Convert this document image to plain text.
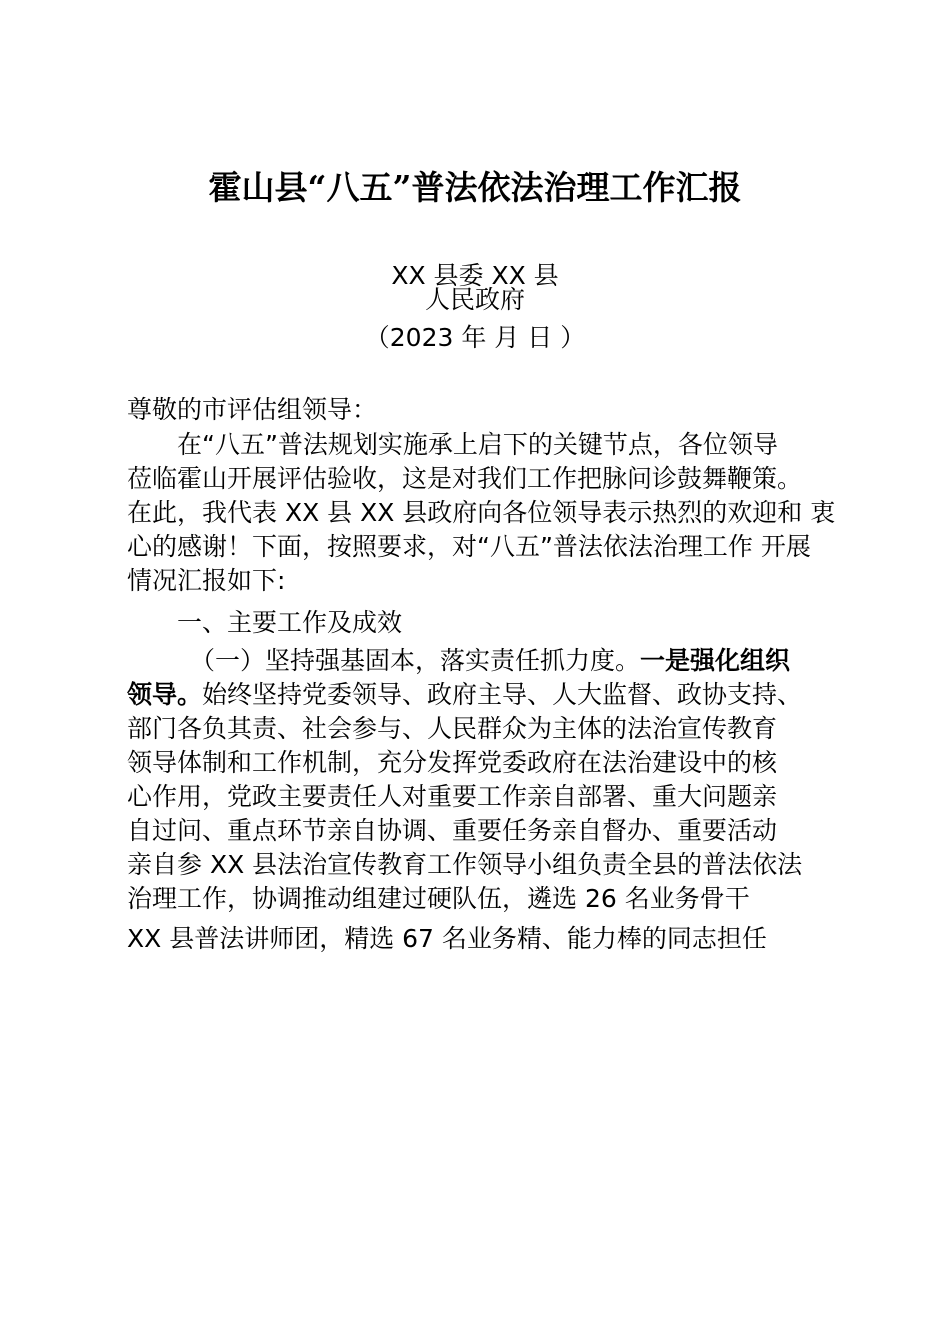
霍山县“八五”普法依法治理工作汇报
XX 县委 XX 县
人民政府
（2023 年 月 日 ）
尊敬的市评估组领导：
在“八五”普法规划实施承上启下的关键节点，各位领导
莅临霍山开展评估验收，这是对我们工作把脉问诊鼓舞鞭策。
在此，我代表 XX 县 XX 县政府向各位领导表示热烈的欢迎和 衷
心的感谢！下面，按照要求，对“八五”普法依法治理工作 开展
情况汇报如下:
一、主要工作及成效
（一）坚持强基固本，落实责任抓力度。一是强化组织
领导。始终坚持党委领导、政府主导、人大监督、政协支持、
部门各负其责、社会参与、人民群众为主体的法治宣传教育
领导体制和工作机制，充分发挥党委政府在法治建设中的核
心作用，党政主要责任人对重要工作亲自部署、重大问题亲
自过问、重点环节亲自协调、重要任务亲自督办、重要活动
亲自参 XX 县法治宣传教育工作领导小组负责全县的普法依法
治理工作，协调推动组建过硬队伍，遴选 26 名业务骨干
XX 县普法讲师团，精选 67 名业务精、能力棒的同志担任
